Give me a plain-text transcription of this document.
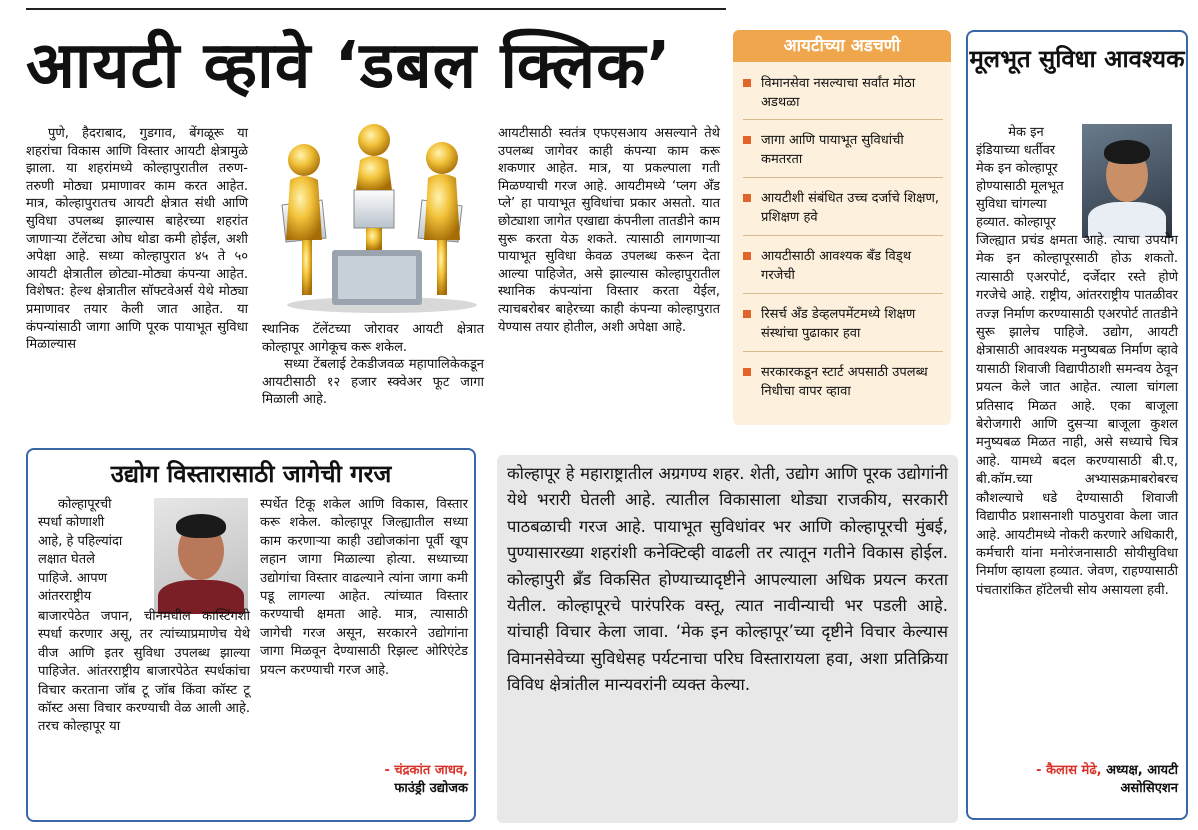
आयटी व्हावे ‘डबल क्लिक’

पुणे, हैदराबाद, गुडगाव, बेंगळूरू या शहरांचा विकास आणि विस्तार आयटी क्षेत्रामुळे झाला. या शहरांमध्ये कोल्हापुरातील तरुण-तरुणी मोठ्या प्रमाणावर काम करत आहेत. मात्र, कोल्हापुरातच आयटी क्षेत्रात संधी आणि सुविधा उपलब्ध झाल्यास बाहेरच्या शहरांत जाणाऱ्या टॅलेंटचा ओघ थोडा कमी होईल, अशी अपेक्षा आहे. सध्या कोल्हापुरात ४५ ते ५० आयटी क्षेत्रातील छोट्या-मोठ्या कंपन्या आहेत. विशेषत: हेल्थ क्षेत्रातील सॉफ्टवेअर्स येथे मोठ्या प्रमाणावर तयार केली जात आहेत. या कंपन्यांसाठी जागा आणि पूरक पायाभूत सुविधा मिळाल्यास

स्थानिक टॅलेंटच्या जोरावर आयटी क्षेत्रात कोल्हापूर आगेकूच करू शकेल.

सध्या टेंबलाई टेकडीजवळ महापालिकेकडून आयटीसाठी १२ हजार स्क्वेअर फूट जागा मिळाली आहे.

आयटीसाठी स्वतंत्र एफएसआय असल्याने तेथे उपलब्ध जागेवर काही कंपन्या काम करू शकणार आहेत. मात्र, या प्रकल्पाला गती मिळण्याची गरज आहे. आयटीमध्ये ‘प्लग अँड प्ले’ हा पायाभूत सुविधांचा प्रकार असतो. यात छोट्याशा जागेत एखाद्या कंपनीला तातडीने काम सुरू करता येऊ शकते. त्यासाठी लागणाऱ्या पायाभूत सुविधा केवळ उपलब्ध करून देता आल्या पाहिजेत, असे झाल्यास कोल्हापुरातील स्थानिक कंपन्यांना विस्तार करता येईल, त्याचबरोबर बाहेरच्या काही कंपन्या कोल्हापुरात येण्यास तयार होतील, अशी अपेक्षा आहे.

आयटीच्या अडचणी
विमानसेवा नसल्याचा सर्वांत मोठा अडथळा
जागा आणि पायाभूत सुविधांची कमतरता
आयटीशी संबंधित उच्च दर्जाचे शिक्षण, प्रशिक्षण हवे
आयटीसाठी आवश्यक बँड विड्थ गरजेची
रिसर्च अँड डेव्हलपमेंटमध्ये शिक्षण संस्थांचा पुढाकार हवा
सरकारकडून स्टार्ट अपसाठी उपलब्ध निधीचा वापर व्हावा
मूलभूत सुविधा आवश्यक
मेक इन
इंडियाच्या धर्तीवर
मेक इन कोल्हापूर
होण्यासाठी मूलभूत
सुविधा चांगल्या
हव्यात. कोल्हापूर

जिल्ह्यात प्रचंड क्षमता आहे. त्याचा उपयोग मेक इन कोल्हापूरसाठी होऊ शकतो. त्यासाठी एअरपोर्ट, दर्जेदार रस्ते होणे गरजेचे आहे. राष्ट्रीय, आंतरराष्ट्रीय पातळीवर तज्ज्ञ निर्माण करण्यासाठी एअरपोर्ट तातडीने सुरू झालेच पाहिजे. उद्योग, आयटी क्षेत्रासाठी आवश्यक मनुष्यबळ निर्माण व्हावे यासाठी शिवाजी विद्यापीठाशी समन्वय ठेवून प्रयत्न केले जात आहेत. त्याला चांगला प्रतिसाद मिळत आहे. एका बाजूला बेरोजगारी आणि दुसऱ्या बाजूला कुशल मनुष्यबळ मिळत नाही, असे सध्याचे चित्र आहे. यामध्ये बदल करण्यासाठी बी.ए, बी.कॉम.च्या अभ्यासक्रमाबरोबरच कौशल्याचे धडे देण्यासाठी शिवाजी विद्यापीठ प्रशासनाशी पाठपुरावा केला जात आहे. आयटीमध्ये नोकरी करणारे अधिकारी, कर्मचारी यांना मनोरंजनासाठी सोयीसुविधा निर्माण व्हायला हव्यात. जेवण, राहण्यासाठी पंचतारांकित हॉटेलची सोय असायला हवी.

- कैलास मेढे, अध्यक्ष, आयटी असोसिएशन
उद्योग विस्तारासाठी जागेची गरज
कोल्हापूरची
स्पर्धा कोणाशी
आहे, हे पहिल्यांदा
लक्षात घेतले
पाहिजे. आपण
आंतरराष्ट्रीय

बाजारपेठेत जपान, चीनमधील कास्टिंगशी स्पर्धा करणार असू, तर त्यांच्याप्रमाणेच येथे वीज आणि इतर सुविधा उपलब्ध झाल्या पाहिजेत. आंतरराष्ट्रीय बाजारपेठेत स्पर्धकांचा विचार करताना जॉब टू जॉब किंवा कॉस्ट टू कॉस्ट असा विचार करण्याची वेळ आली आहे. तरच कोल्हापूर या

स्पर्धेत टिकू शकेल आणि विकास, विस्तार करू शकेल. कोल्हापूर जिल्ह्यातील सध्या काम करणाऱ्या काही उद्योजकांना पूर्वी खूप लहान जागा मिळाल्या होत्या. सध्याच्या उद्योगांचा विस्तार वाढल्याने त्यांना जागा कमी पडू लागल्या आहेत. त्यांच्यात विस्तार करण्याची क्षमता आहे. मात्र, त्यासाठी जागेची गरज असून, सरकारने उद्योगांना जागा मिळवून देण्यासाठी रिझल्ट ओरिएंटेड प्रयत्न करण्याची गरज आहे.

- चंद्रकांत जाधव,
फाउंड्री उद्योजक

कोल्हापूर हे महाराष्ट्रातील अग्रगण्य शहर. शेती, उद्योग आणि पूरक उद्योगांनी येथे भरारी घेतली आहे. त्यातील विकासाला थोड्या राजकीय, सरकारी पाठबळाची गरज आहे. पायाभूत सुविधांवर भर आणि कोल्हापूरची मुंबई, पुण्यासारख्या शहरांशी कनेक्टिव्ही वाढली तर त्यातून गतीने विकास होईल. कोल्हापुरी ब्रँड विकसित होण्याच्यादृष्टीने आपल्याला अधिक प्रयत्न करता येतील. कोल्हापूरचे पारंपरिक वस्तू, त्यात नावीन्याची भर पडली आहे. यांचाही विचार केला जावा. ‘मेक इन कोल्हापूर’च्या दृष्टीने विचार केल्यास विमानसेवेच्या सुविधेसह पर्यटनाचा परिघ विस्तारायला हवा, अशा प्रतिक्रिया विविध क्षेत्रांतील मान्यवरांनी व्यक्त केल्या.
